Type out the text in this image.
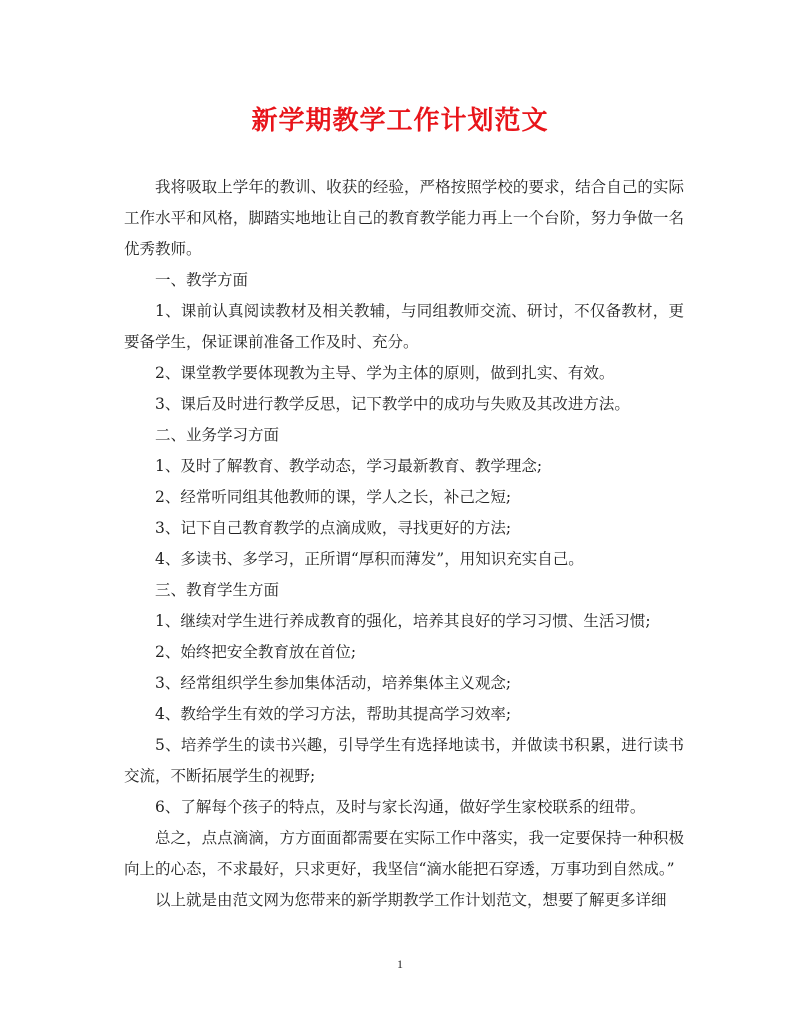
新学期教学工作计划范文

我将吸取上学年的教训、收获的经验，严格按照学校的要求，结合自己的实际工作水平和风格，脚踏实地地让自己的教育教学能力再上一个台阶，努力争做一名优秀教师。

一、教学方面

1、课前认真阅读教材及相关教辅，与同组教师交流、研讨，不仅备教材，更要备学生，保证课前准备工作及时、充分。

2、课堂教学要体现教为主导、学为主体的原则，做到扎实、有效。

3、课后及时进行教学反思，记下教学中的成功与失败及其改进方法。

二、业务学习方面

1、及时了解教育、教学动态，学习最新教育、教学理念;

2、经常听同组其他教师的课，学人之长，补己之短;

3、记下自己教育教学的点滴成败，寻找更好的方法;

4、多读书、多学习，正所谓“厚积而薄发”，用知识充实自己。

三、教育学生方面

1、继续对学生进行养成教育的强化，培养其良好的学习习惯、生活习惯;

2、始终把安全教育放在首位;

3、经常组织学生参加集体活动，培养集体主义观念;

4、教给学生有效的学习方法，帮助其提高学习效率;

5、培养学生的读书兴趣，引导学生有选择地读书，并做读书积累，进行读书交流，不断拓展学生的视野;

6、了解每个孩子的特点，及时与家长沟通，做好学生家校联系的纽带。

总之，点点滴滴，方方面面都需要在实际工作中落实，我一定要保持一种积极向上的心态，不求最好，只求更好，我坚信“滴水能把石穿透，万事功到自然成。”

以上就是由范文网为您带来的新学期教学工作计划范文，想要了解更多详细

1
